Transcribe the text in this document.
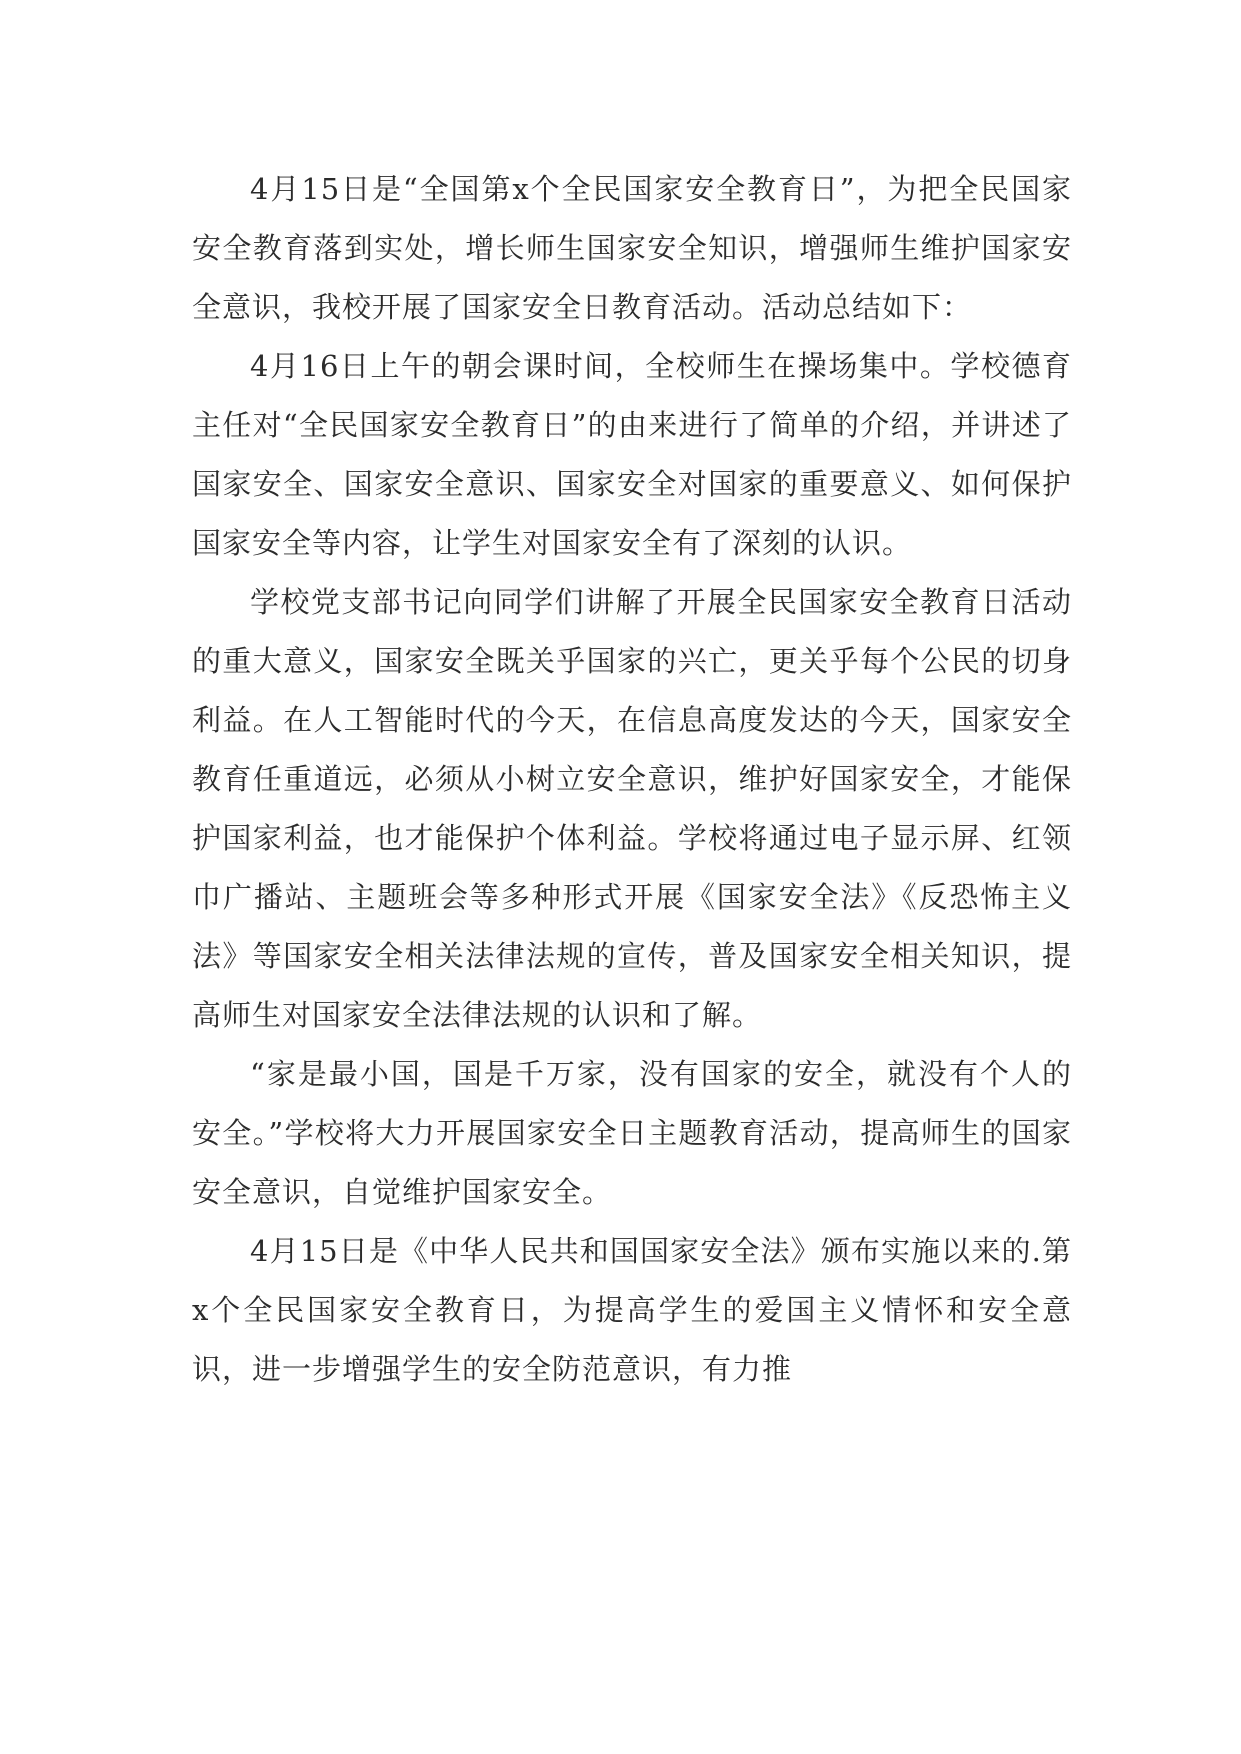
4月15日是“全国第x个全民国家安全教育日”，为把全民国家安全教育落到实处，增长师生国家安全知识，增强师生维护国家安全意识，我校开展了国家安全日教育活动。活动总结如下：

4月16日上午的朝会课时间，全校师生在操场集中。学校德育主任对“全民国家安全教育日”的由来进行了简单的介绍，并讲述了国家安全、国家安全意识、国家安全对国家的重要意义、如何保护国家安全等内容，让学生对国家安全有了深刻的认识。

学校党支部书记向同学们讲解了开展全民国家安全教育日活动的重大意义，国家安全既关乎国家的兴亡，更关乎每个公民的切身利益。在人工智能时代的今天，在信息高度发达的今天，国家安全教育任重道远，必须从小树立安全意识，维护好国家安全，才能保护国家利益，也才能保护个体利益。学校将通过电子显示屏、红领巾广播站、主题班会等多种形式开展《国家安全法》《反恐怖主义法》等国家安全相关法律法规的宣传，普及国家安全相关知识，提高师生对国家安全法律法规的认识和了解。

“家是最小国，国是千万家，没有国家的安全，就没有个人的安全。”学校将大力开展国家安全日主题教育活动，提高师生的国家安全意识，自觉维护国家安全。

4月15日是《中华人民共和国国家安全法》颁布实施以来的.第x个全民国家安全教育日，为提高学生的爱国主义情怀和安全意识，进一步增强学生的安全防范意识，有力推
